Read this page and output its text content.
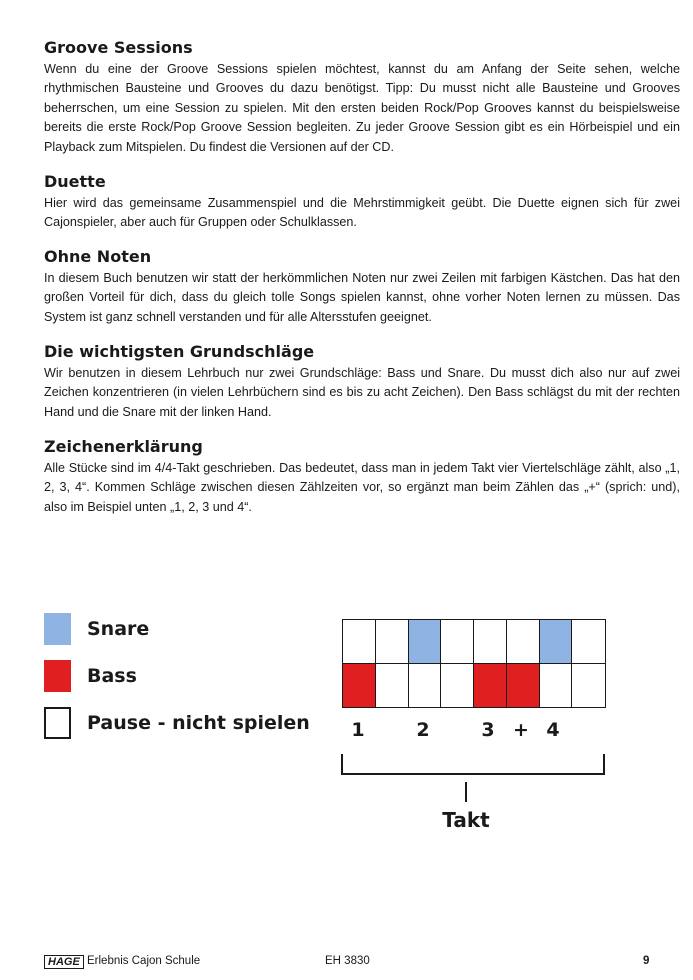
Groove Sessions

Wenn du eine der Groove Sessions spielen möchtest, kannst du am Anfang der Seite sehen, welche rhythmischen Bausteine und Grooves du dazu benötigst. Tipp: Du musst nicht alle Bausteine und Grooves beherrschen, um eine Session zu spielen. Mit den ersten beiden Rock/Pop Grooves kannst du beispielsweise bereits die erste Rock/Pop Groove Session begleiten. Zu jeder Groove Session gibt es ein Hörbeispiel und ein Playback zum Mitspielen. Du findest die Versionen auf der CD.

Duette

Hier wird das gemeinsame Zusammenspiel und die Mehrstimmigkeit geübt. Die Duette eignen sich für zwei Cajonspieler, aber auch für Gruppen oder Schulklassen.

Ohne Noten

In diesem Buch benutzen wir statt der herkömmlichen Noten nur zwei Zeilen mit farbigen Kästchen. Das hat den großen Vorteil für dich, dass du gleich tolle Songs spielen kannst, ohne vorher Noten lernen zu müssen. Das System ist ganz schnell verstanden und für alle Altersstufen geeignet.

Die wichtigsten Grundschläge

Wir benutzen in diesem Lehrbuch nur zwei Grundschläge: Bass und Snare. Du musst dich also nur auf zwei Zeichen konzentrieren (in vielen Lehrbüchern sind es bis zu acht Zeichen). Den Bass schlägst du mit der rechten Hand und die Snare mit der linken Hand.

Zeichenerklärung

Alle Stücke sind im 4/4-Takt geschrieben. Das bedeutet, dass man in jedem Takt vier Viertelschläge zählt, also „1, 2, 3, 4“. Kommen Schläge zwischen diesen Zählzeiten vor, so ergänzt man beim Zählen das „+“ (sprich: und), also im Beispiel unten „1, 2, 3 und 4“.

Snare
Bass
Pause - nicht spielen 1	2	3 + 4
Takt
HAGE Erlebnis Cajon Schule	EH 3830	9
